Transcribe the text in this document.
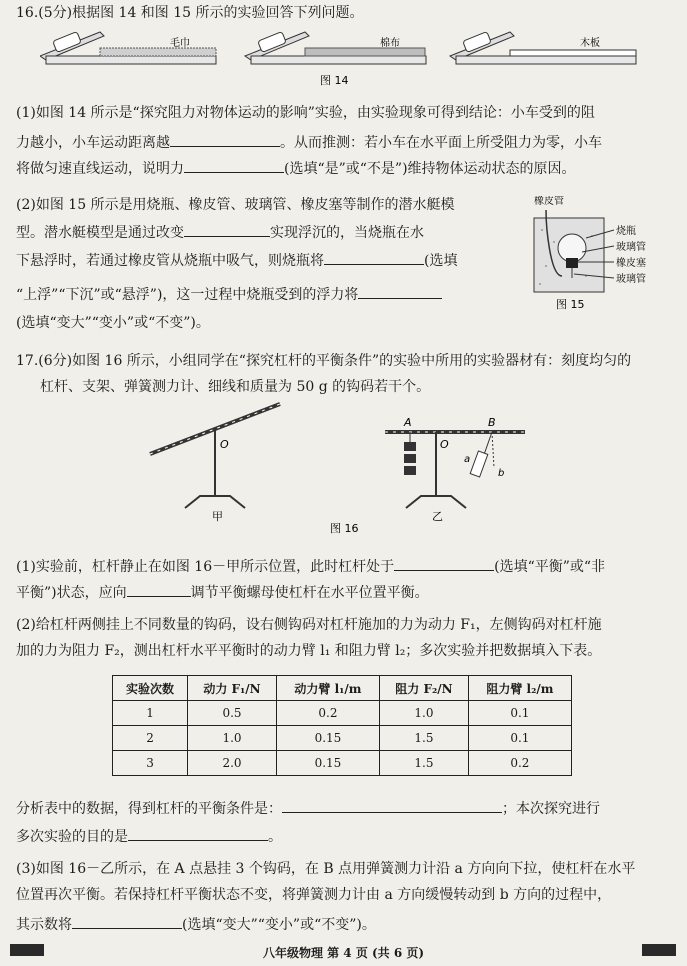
16.(5分)根据图 14 和图 15 所示的实验回答下列问题。
毛巾	棉布	木板
图 14
(1)如图 14 所示是“探究阻力对物体运动的影响”实验，由实验现象可得到结论：小车受到的阻
力越小，小车运动距离越	。从而推测：若小车在水平面上所受阻力为零，小车
将做匀速直线运动，说明力	(选填“是”或“不是”)维持物体运动状态的原因。
(2)如图 15 所示是用烧瓶、橡皮管、玻璃管、橡皮塞等制作的潜水艇模
型。潜水艇模型是通过改变	实现浮沉的，当烧瓶在水
下悬浮时，若通过橡皮管从烧瓶中吸气，则烧瓶将	(选填
“上浮”“下沉”或“悬浮”)，这一过程中烧瓶受到的浮力将
(选填“变大”“变小”或“不变”)。
橡皮管
烧瓶
玻璃管
橡皮塞
玻璃管
图 15
17.(6分)如图 16 所示，小组同学在“探究杠杆的平衡条件”的实验中所用的实验器材有：刻度均匀的
杠杆、支架、弹簧测力计、细线和质量为 50 g 的钩码若干个。
O
甲
A	B
O
a
b
乙
图 16
(1)实验前，杠杆静止在如图 16－甲所示位置，此时杠杆处于	(选填“平衡”或“非
平衡”)状态，应向	调节平衡螺母使杠杆在水平位置平衡。
(2)给杠杆两侧挂上不同数量的钩码，设右侧钩码对杠杆施加的力为动力 F₁，左侧钩码对杠杆施
加的力为阻力 F₂，测出杠杆水平平衡时的动力臂 l₁ 和阻力臂 l₂；多次实验并把数据填入下表。
实验次数	动力 F₁/N	动力臂 l₁/m	阻力 F₂/N	阻力臂 l₂/m
1	0.5	0.2	1.0	0.1
2	1.0	0.15	1.5	0.1
3	2.0	0.15	1.5	0.2
分析表中的数据，得到杠杆的平衡条件是：	；本次探究进行
多次实验的目的是	。
(3)如图 16－乙所示，在 A 点悬挂 3 个钩码，在 B 点用弹簧测力计沿 a 方向向下拉，使杠杆在水平
位置再次平衡。若保持杠杆平衡状态不变，将弹簧测力计由 a 方向缓慢转动到 b 方向的过程中，
其示数将	(选填“变大”“变小”或“不变”)。
八年级物理 第 4 页 (共 6 页)
